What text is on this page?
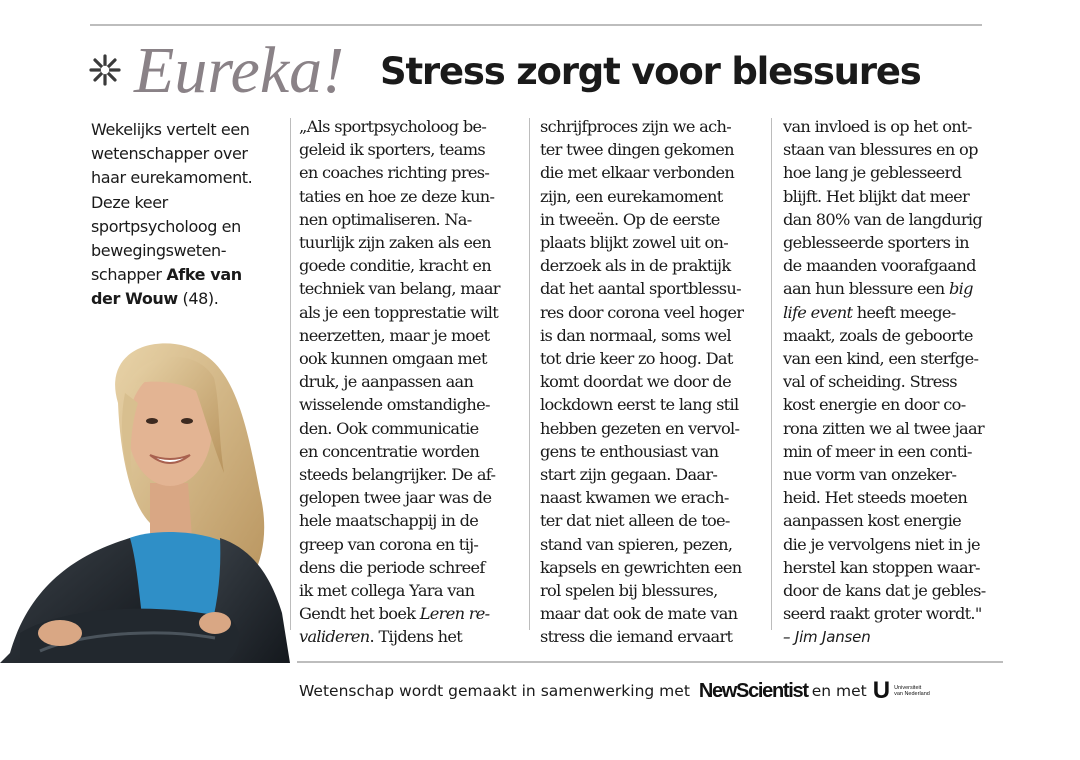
Eureka! Stress zorgt voor blessures
Wekelijks vertelt een
wetenschapper over
haar eurekamoment.
Deze keer
sportpsycholoog en
bewegingsweten-
schapper Afke van
der Wouw (48).
„Als sportpsycholoog be-
geleid ik sporters, teams
en coaches richting pres-
taties en hoe ze deze kun-
nen optimaliseren. Na-
tuurlijk zijn zaken als een
goede conditie, kracht en
techniek van belang, maar
als je een topprestatie wilt
neerzetten, maar je moet
ook kunnen omgaan met
druk, je aanpassen aan
wisselende omstandighe-
den. Ook communicatie
en concentratie worden
steeds belangrijker. De af-
gelopen twee jaar was de
hele maatschappij in de
greep van corona en tij-
dens die periode schreef
ik met collega Yara van
Gendt het boek Leren re-
valideren. Tijdens het
schrijfproces zijn we ach-
ter twee dingen gekomen
die met elkaar verbonden
zijn, een eurekamoment
in tweeën. Op de eerste
plaats blijkt zowel uit on-
derzoek als in de praktijk
dat het aantal sportblessu-
res door corona veel hoger
is dan normaal, soms wel
tot drie keer zo hoog. Dat
komt doordat we door de
lockdown eerst te lang stil
hebben gezeten en vervol-
gens te enthousiast van
start zijn gegaan. Daar-
naast kwamen we erach-
ter dat niet alleen de toe-
stand van spieren, pezen,
kapsels en gewrichten een
rol spelen bij blessures,
maar dat ook de mate van
stress die iemand ervaart
van invloed is op het ont-
staan van blessures en op
hoe lang je geblesseerd
blijft. Het blijkt dat meer
dan 80% van de langdurig
geblesseerde sporters in
de maanden voorafgaand
aan hun blessure een big
life event heeft meege-
maakt, zoals de geboorte
van een kind, een sterfge-
val of scheiding. Stress
kost energie en door co-
rona zitten we al twee jaar
min of meer in een conti-
nue vorm van onzeker-
heid. Het steeds moeten
aanpassen kost energie
die je vervolgens niet in je
herstel kan stoppen waar-
door de kans dat je gebles-
seerd raakt groter wordt."
– Jim Jansen
Wetenschap wordt gemaakt in samenwerking met
NewScientist en met U Universiteit
van Nederland
